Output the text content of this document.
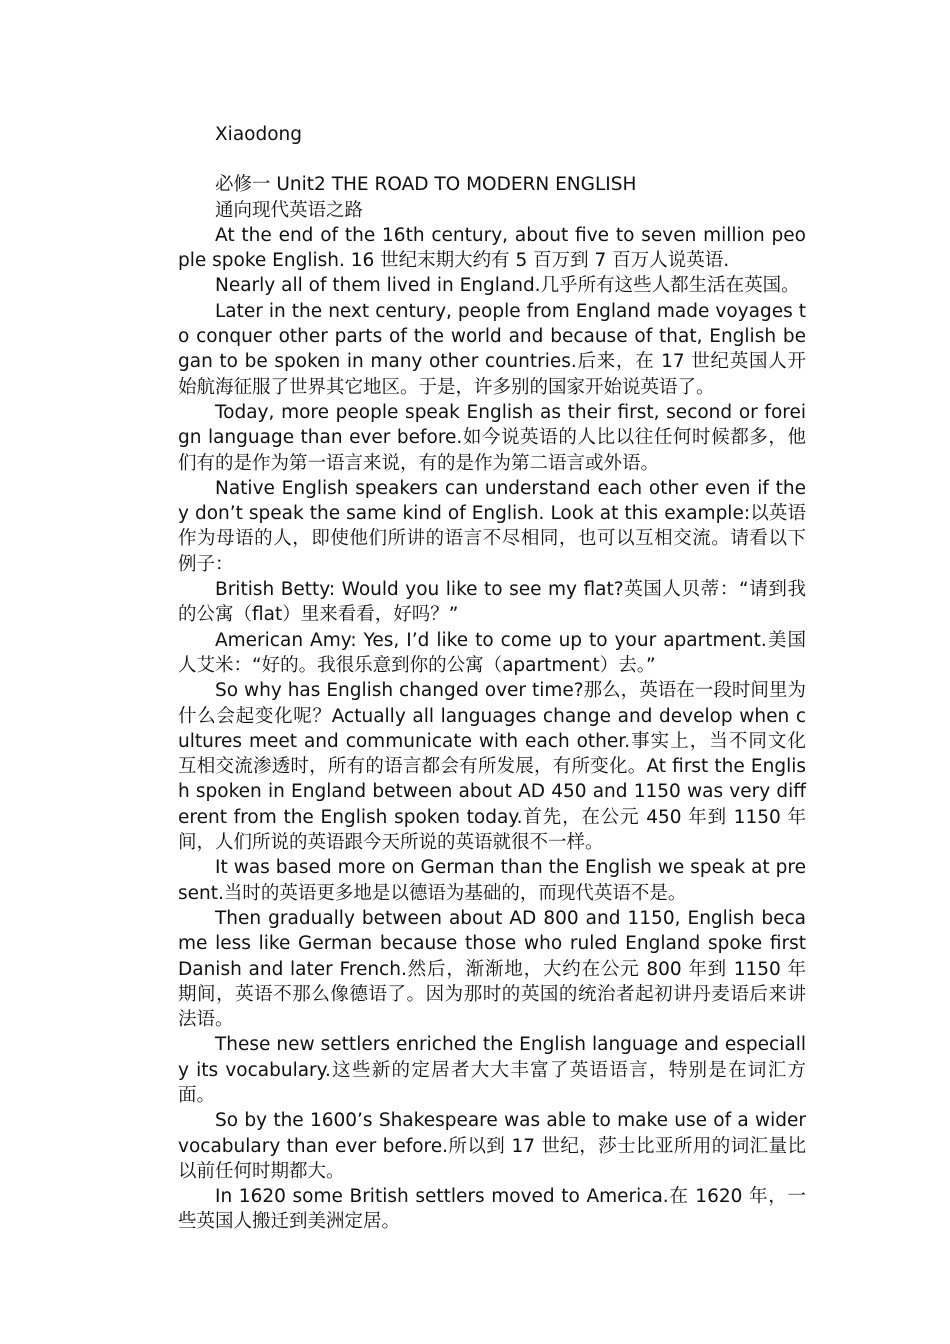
Xiaodong

必修一 Unit2 THE ROAD TO MODERN ENGLISH

通向现代英语之路

At the end of the 16th century, about five to seven million people spoke English. 16 世纪末期大约有 5 百万到 7 百万人说英语.

Nearly all of them lived in England.几乎所有这些人都生活在英国。

Later in the next century, people from England made voyages to conquer other parts of the world and because of that, English began to be spoken in many other countries.后来，在 17 世纪英国人开始航海征服了世界其它地区。于是，许多别的国家开始说英语了。

Today, more people speak English as their first, second or foreign language than ever before.如今说英语的人比以往任何时候都多，他们有的是作为第一语言来说，有的是作为第二语言或外语。

Native English speakers can understand each other even if they don’t speak the same kind of English. Look at this example:以英语作为母语的人，即使他们所讲的语言不尽相同，也可以互相交流。请看以下例子：

British Betty: Would you like to see my flat?英国人贝蒂：“请到我的公寓（flat）里来看看，好吗？”

American Amy: Yes, I’d like to come up to your apartment.美国人艾米：“好的。我很乐意到你的公寓（apartment）去。”

So why has English changed over time?那么，英语在一段时间里为什么会起变化呢？Actually all languages change and develop when cultures meet and communicate with each other.事实上，当不同文化互相交流渗透时，所有的语言都会有所发展，有所变化。At first the English spoken in England between about AD 450 and 1150 was very different from the English spoken today.首先，在公元 450 年到 1150 年间，人们所说的英语跟今天所说的英语就很不一样。

It was based more on German than the English we speak at present.当时的英语更多地是以德语为基础的，而现代英语不是。

Then gradually between about AD 800 and 1150, English became less like German because those who ruled England spoke first Danish and later French.然后，渐渐地，大约在公元 800 年到 1150 年期间，英语不那么像德语了。因为那时的英国的统治者起初讲丹麦语后来讲法语。

These new settlers enriched the English language and especially its vocabulary.这些新的定居者大大丰富了英语语言，特别是在词汇方面。

So by the 1600’s Shakespeare was able to make use of a wider vocabulary than ever before.所以到 17 世纪，莎士比亚所用的词汇量比以前任何时期都大。

In 1620 some British settlers moved to America.在 1620 年，一些英国人搬迁到美洲定居。
